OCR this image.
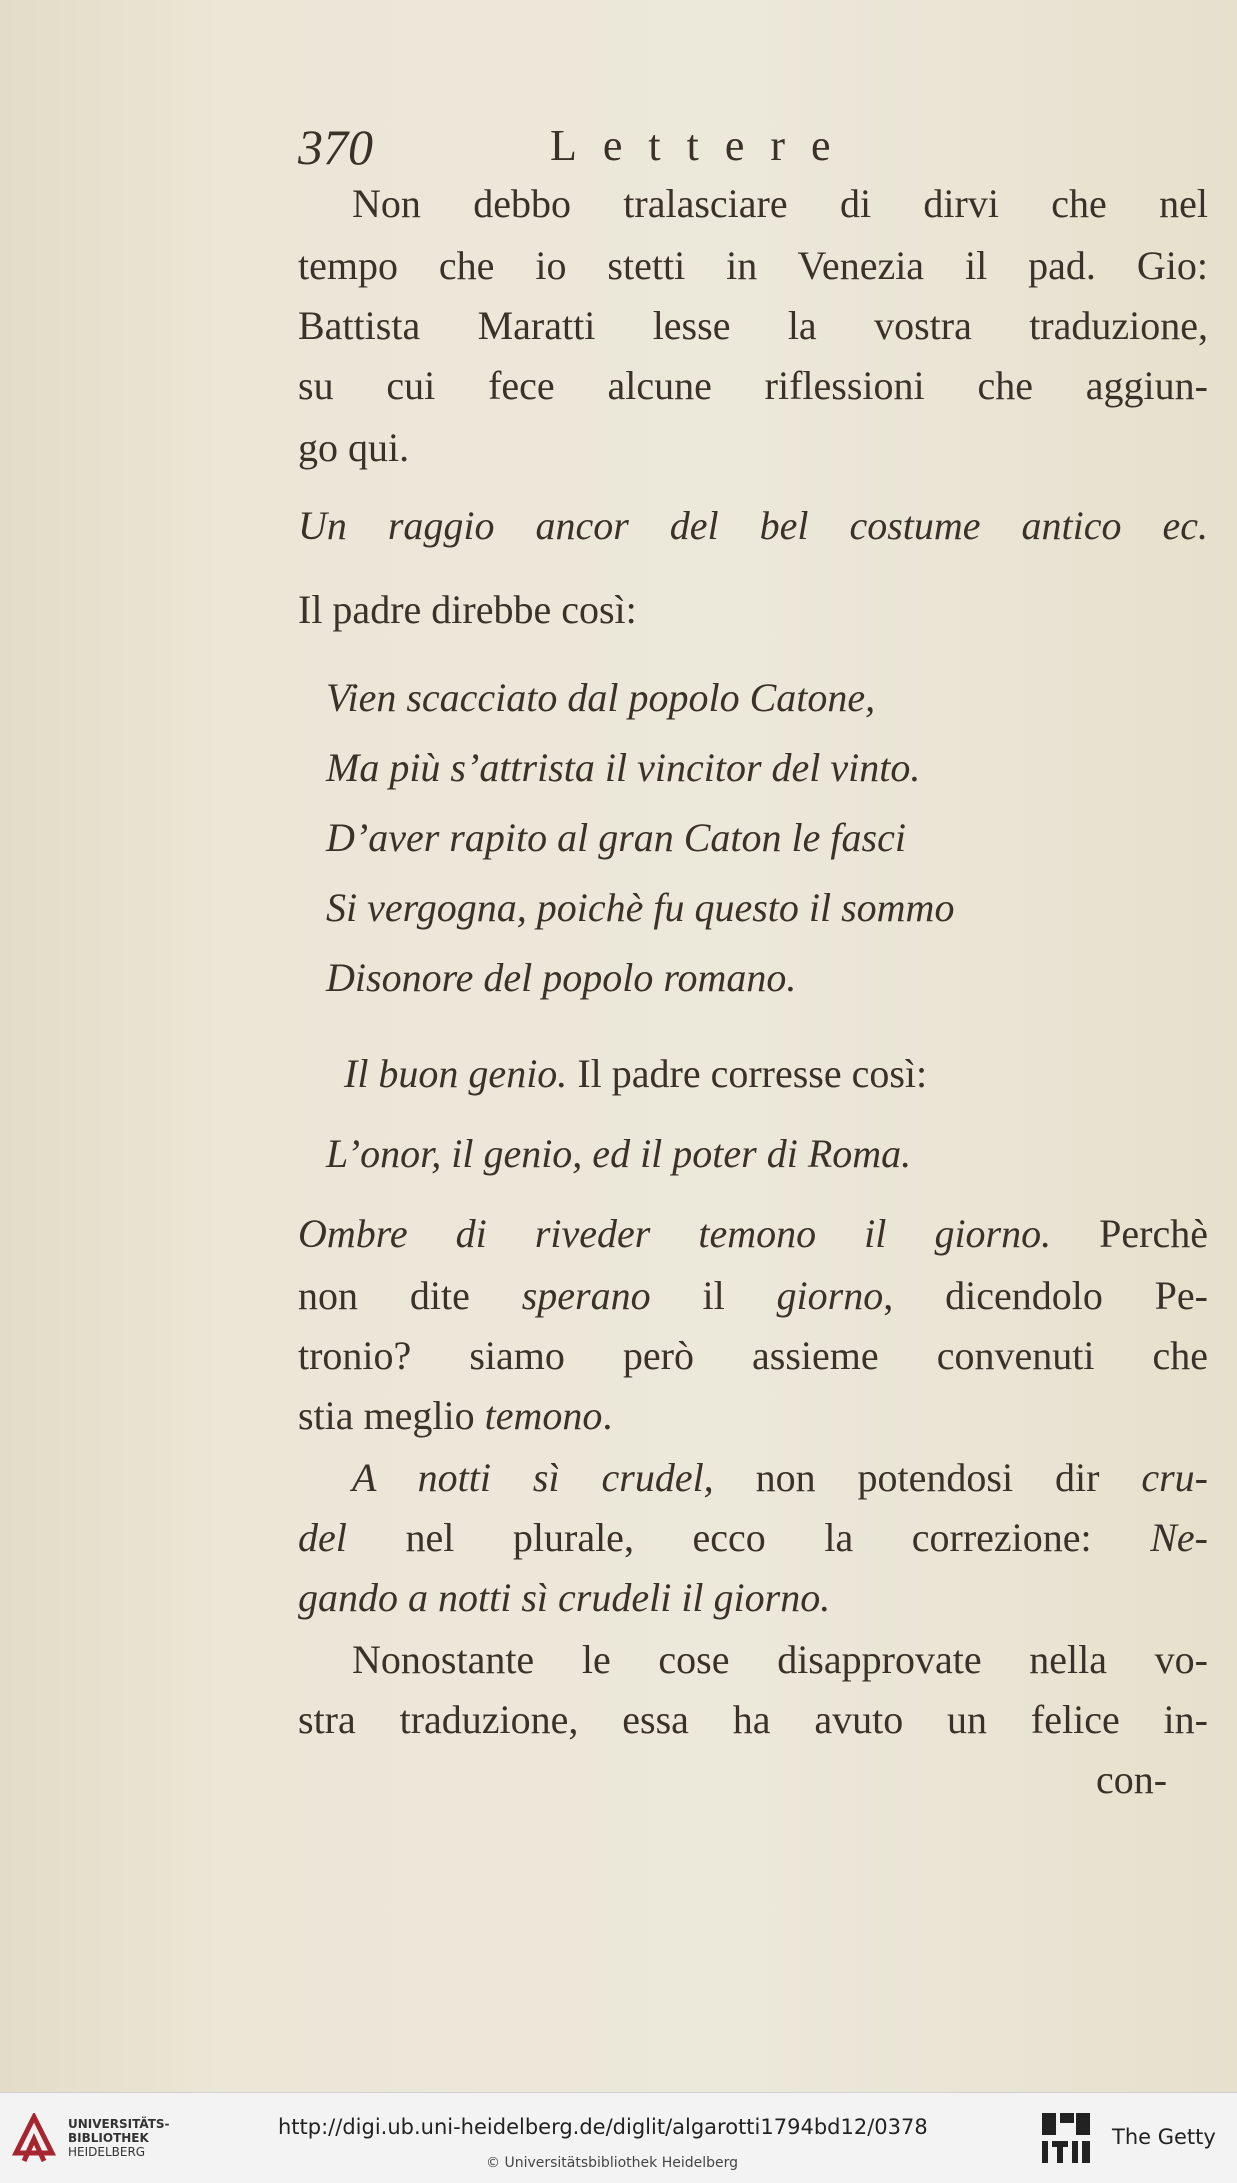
370	Lettere
Non debbo tralasciare di dirvi che nel
tempo che io stetti in Venezia il pad. Gio:
Battista Maratti lesse la vostra traduzione,
su cui fece alcune riflessioni che aggiun-
go qui.
Un raggio ancor del bel costume antico ec.
Il padre direbbe così:
Vien scacciato dal popolo Catone,
Ma più s’attrista il vincitor del vinto.
D’aver rapito al gran Caton le fasci
Si vergogna, poichè fu questo il sommo
Disonore del popolo romano.
Il buon genio. Il padre corresse così:
L’onor, il genio, ed il poter di Roma.
Ombre di riveder temono il giorno. Perchè
non dite sperano il giorno, dicendolo Pe-
tronio? siamo però assieme convenuti che
stia meglio temono.
A notti sì crudel, non potendosi dir cru-
del nel plurale, ecco la correzione: Ne-
gando a notti sì crudeli il giorno.
Nonostante le cose disapprovate nella vo-
stra traduzione, essa ha avuto un felice in-
con-
UNIVERSITÄTS-
BIBLIOTHEK
HEIDELBERG
http://digi.ub.uni-heidelberg.de/diglit/algarotti1794bd12/0378
© Universitätsbibliothek Heidelberg
The Getty
